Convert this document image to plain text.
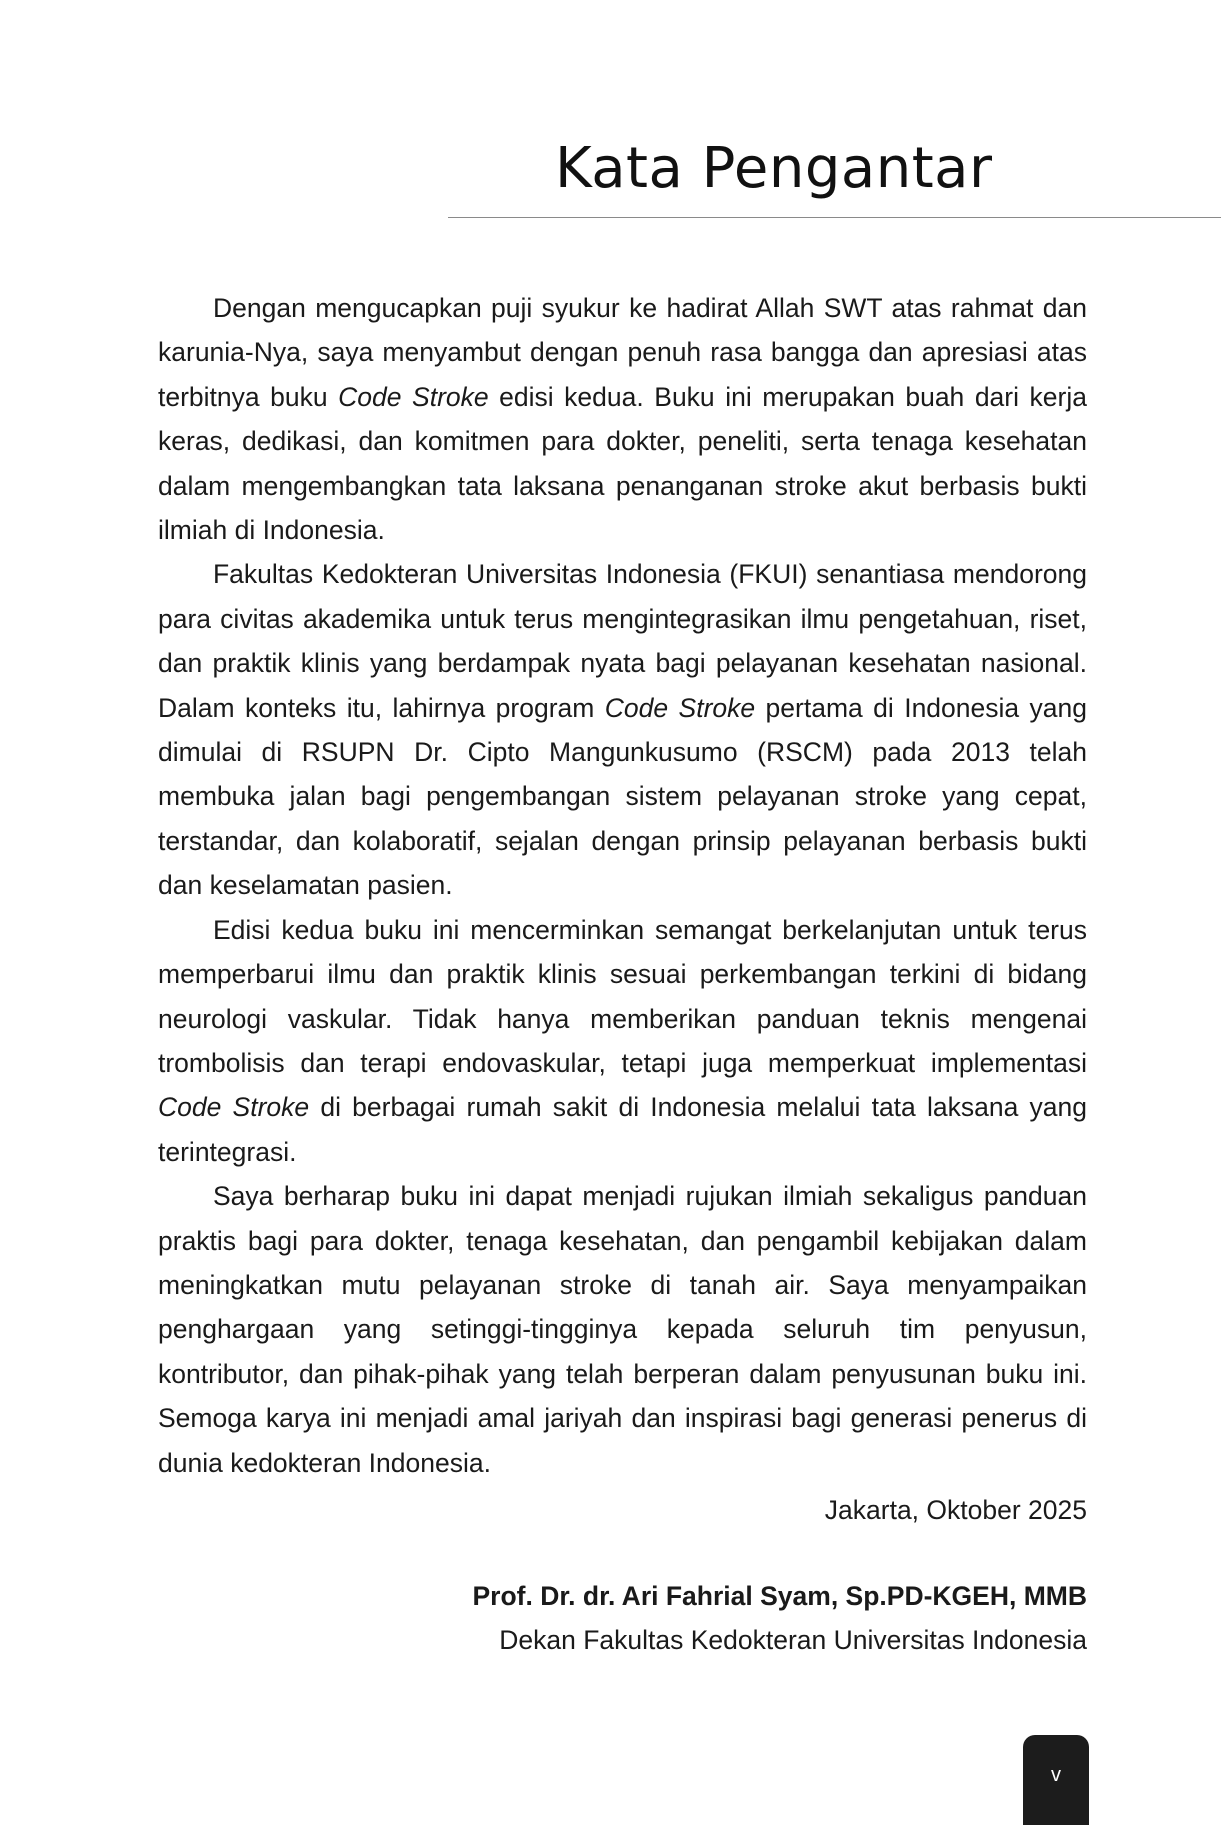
Kata Pengantar

Dengan mengucapkan puji syukur ke hadirat Allah SWT atas rahmat dan karunia-Nya, saya menyambut dengan penuh rasa bangga dan apresiasi atas terbitnya buku Code Stroke edisi kedua. Buku ini merupakan buah dari kerja keras, dedikasi, dan komitmen para dokter, peneliti, serta tenaga kesehatan dalam mengembangkan tata laksana penanganan stroke akut berbasis bukti ilmiah di Indonesia.

Fakultas Kedokteran Universitas Indonesia (FKUI) senantiasa mendorong para civitas akademika untuk terus mengintegrasikan ilmu pengetahuan, riset, dan praktik klinis yang berdampak nyata bagi pelayanan kesehatan nasional. Dalam konteks itu, lahirnya program Code Stroke pertama di Indonesia yang dimulai di RSUPN Dr. Cipto Mangunkusumo (RSCM) pada 2013 telah membuka jalan bagi pengembangan sistem pelayanan stroke yang cepat, terstandar, dan kolaboratif, sejalan dengan prinsip pelayanan berbasis bukti dan keselamatan pasien.

Edisi kedua buku ini mencerminkan semangat berkelanjutan untuk terus memperbarui ilmu dan praktik klinis sesuai perkembangan terkini di bidang neurologi vaskular. Tidak hanya memberikan panduan teknis mengenai trombolisis dan terapi endovaskular, tetapi juga memperkuat implementasi Code Stroke di berbagai rumah sakit di Indonesia melalui tata laksana yang terintegrasi.

Saya berharap buku ini dapat menjadi rujukan ilmiah sekaligus panduan praktis bagi para dokter, tenaga kesehatan, dan pengambil kebijakan dalam meningkatkan mutu pelayanan stroke di tanah air. Saya menyampaikan penghargaan yang setinggi-tingginya kepada seluruh tim penyusun, kontributor, dan pihak-pihak yang telah berperan dalam penyusunan buku ini. Semoga karya ini menjadi amal jariyah dan inspirasi bagi generasi penerus di dunia kedokteran Indonesia.

Jakarta, Oktober 2025

Prof. Dr. dr. Ari Fahrial Syam, Sp.PD-KGEH, MMB

Dekan Fakultas Kedokteran Universitas Indonesia

v
